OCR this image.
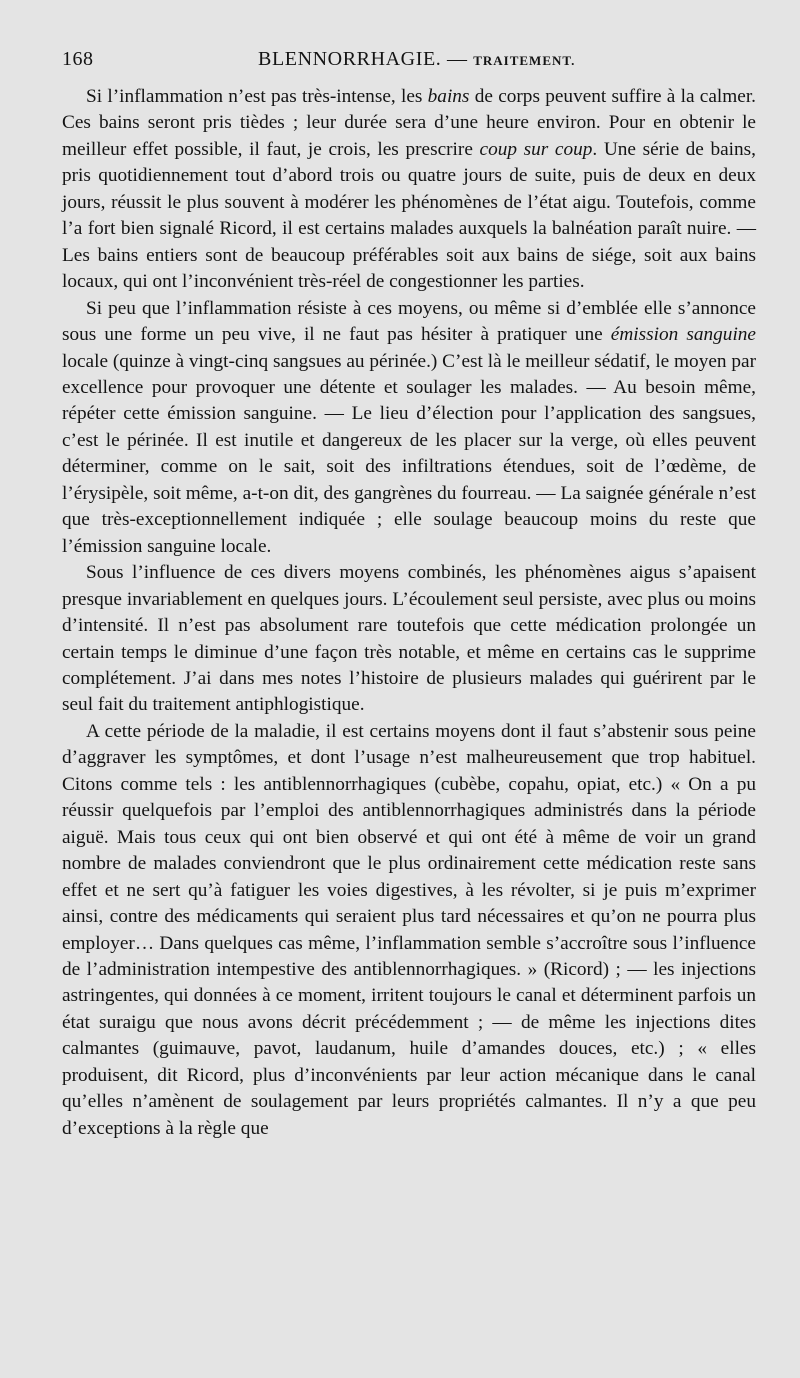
168	BLENNORRHAGIE. — TRAITEMENT.

Si l’inflammation n’est pas très-intense, les bains de corps peuvent suffire à la calmer. Ces bains seront pris tièdes ; leur durée sera d’une heure environ. Pour en obtenir le meilleur effet possible, il faut, je crois, les prescrire coup sur coup. Une série de bains, pris quotidiennement tout d’abord trois ou quatre jours de suite, puis de deux en deux jours, réussit le plus souvent à modérer les phénomènes de l’état aigu. Toutefois, comme l’a fort bien signalé Ricord, il est certains malades auxquels la balnéation paraît nuire. — Les bains entiers sont de beaucoup préférables soit aux bains de siége, soit aux bains locaux, qui ont l’inconvénient très-réel de congestionner les parties.

Si peu que l’inflammation résiste à ces moyens, ou même si d’emblée elle s’annonce sous une forme un peu vive, il ne faut pas hésiter à pratiquer une émission sanguine locale (quinze à vingt-cinq sangsues au périnée.) C’est là le meilleur sédatif, le moyen par excellence pour provoquer une détente et soulager les malades. — Au besoin même, répéter cette émission sanguine. — Le lieu d’élection pour l’application des sangsues, c’est le périnée. Il est inutile et dangereux de les placer sur la verge, où elles peuvent déterminer, comme on le sait, soit des infiltrations étendues, soit de l’œdème, de l’érysipèle, soit même, a-t-on dit, des gangrènes du fourreau. — La saignée générale n’est que très-exceptionnellement indiquée ; elle soulage beaucoup moins du reste que l’émission sanguine locale.

Sous l’influence de ces divers moyens combinés, les phénomènes aigus s’apaisent presque invariablement en quelques jours. L’écoulement seul persiste, avec plus ou moins d’intensité. Il n’est pas absolument rare toutefois que cette médication prolongée un certain temps le diminue d’une façon très notable, et même en certains cas le supprime complétement. J’ai dans mes notes l’histoire de plusieurs malades qui guérirent par le seul fait du traitement antiphlogistique.

A cette période de la maladie, il est certains moyens dont il faut s’abstenir sous peine d’aggraver les symptômes, et dont l’usage n’est malheureusement que trop habituel. Citons comme tels : les antiblennorrhagiques (cubèbe, copahu, opiat, etc.) « On a pu réussir quelquefois par l’emploi des antiblennorrhagiques administrés dans la période aiguë. Mais tous ceux qui ont bien observé et qui ont été à même de voir un grand nombre de malades conviendront que le plus ordinairement cette médication reste sans effet et ne sert qu’à fatiguer les voies digestives, à les révolter, si je puis m’exprimer ainsi, contre des médicaments qui seraient plus tard nécessaires et qu’on ne pourra plus employer… Dans quelques cas même, l’inflammation semble s’accroître sous l’influence de l’administration intempestive des antiblennorrhagiques. » (Ricord) ; — les injections astringentes, qui données à ce moment, irritent toujours le canal et déterminent parfois un état suraigu que nous avons décrit précédemment ; — de même les injections dites calmantes (guimauve, pavot, laudanum, huile d’amandes douces, etc.) ; « elles produisent, dit Ricord, plus d’inconvénients par leur action mécanique dans le canal qu’elles n’amènent de soulagement par leurs propriétés calmantes. Il n’y a que peu d’exceptions à la règle que
